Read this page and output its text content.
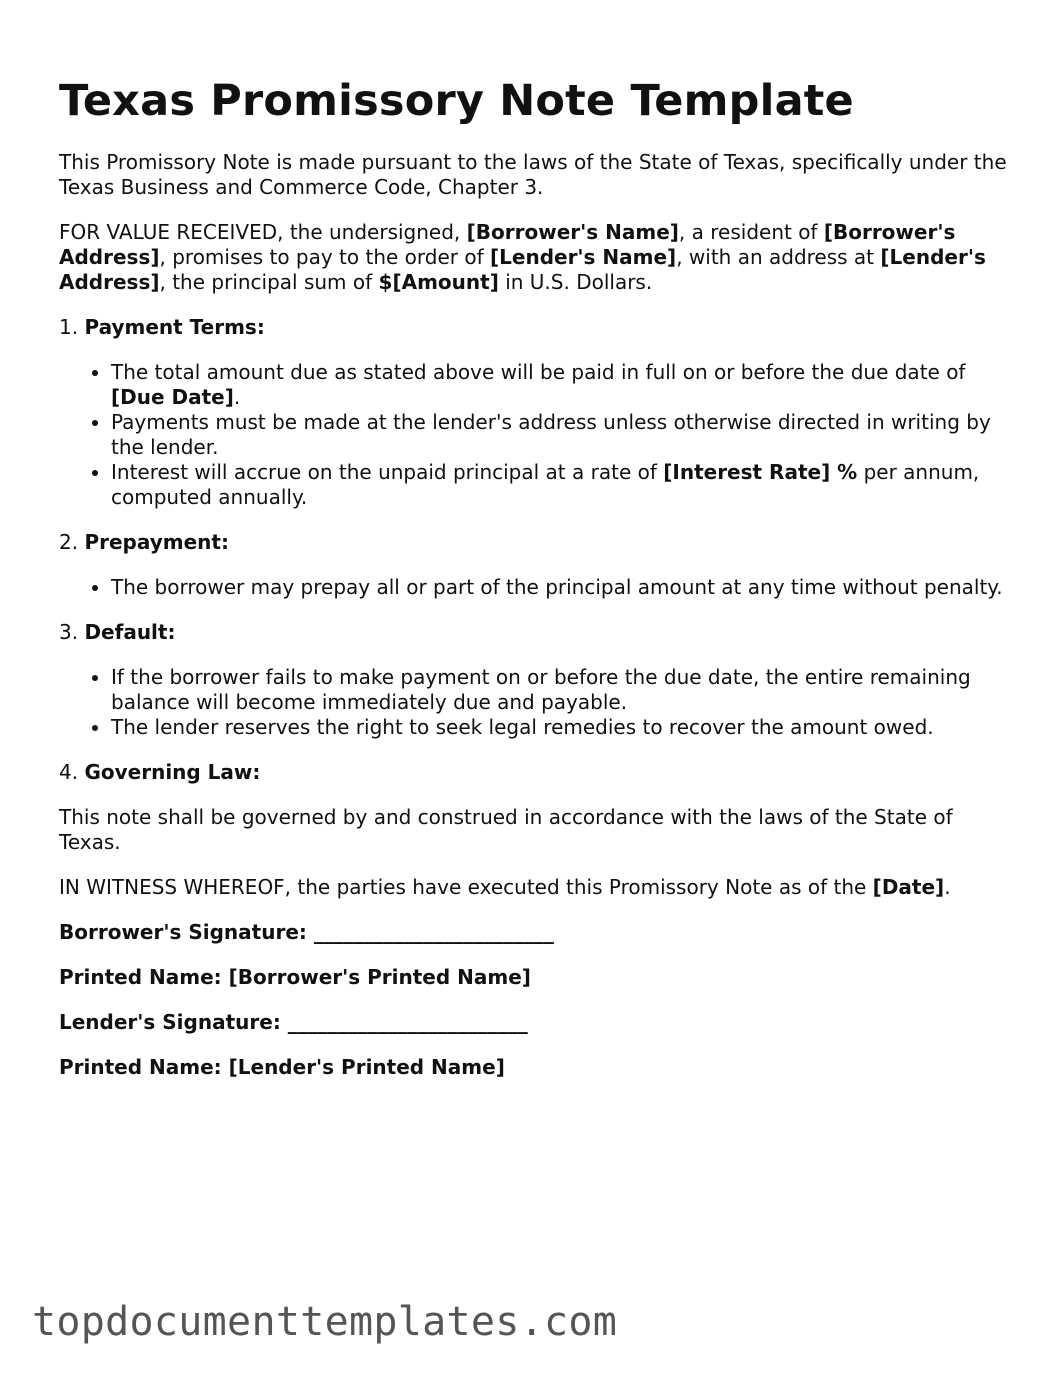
Texas Promissory Note Template

This Promissory Note is made pursuant to the laws of the State of Texas, specifically under the Texas Business and Commerce Code, Chapter 3.

FOR VALUE RECEIVED, the undersigned, [Borrower's Name], a resident of [Borrower's Address], promises to pay to the order of [Lender's Name], with an address at [Lender's Address], the principal sum of $[Amount] in U.S. Dollars.

1. Payment Terms:

• The total amount due as stated above will be paid in full on or before the due date of [Due Date].
• Payments must be made at the lender's address unless otherwise directed in writing by the lender.
• Interest will accrue on the unpaid principal at a rate of [Interest Rate] % per annum, computed annually.

2. Prepayment:

• The borrower may prepay all or part of the principal amount at any time without penalty.

3. Default:

• If the borrower fails to make payment on or before the due date, the entire remaining balance will become immediately due and payable.
• The lender reserves the right to seek legal remedies to recover the amount owed.

4. Governing Law:

This note shall be governed by and construed in accordance with the laws of the State of Texas.

IN WITNESS WHEREOF, the parties have executed this Promissory Note as of the [Date].

Borrower's Signature: ________________________

Printed Name: [Borrower's Printed Name]

Lender's Signature: ________________________

Printed Name: [Lender's Printed Name]

topdocumenttemplates.com
